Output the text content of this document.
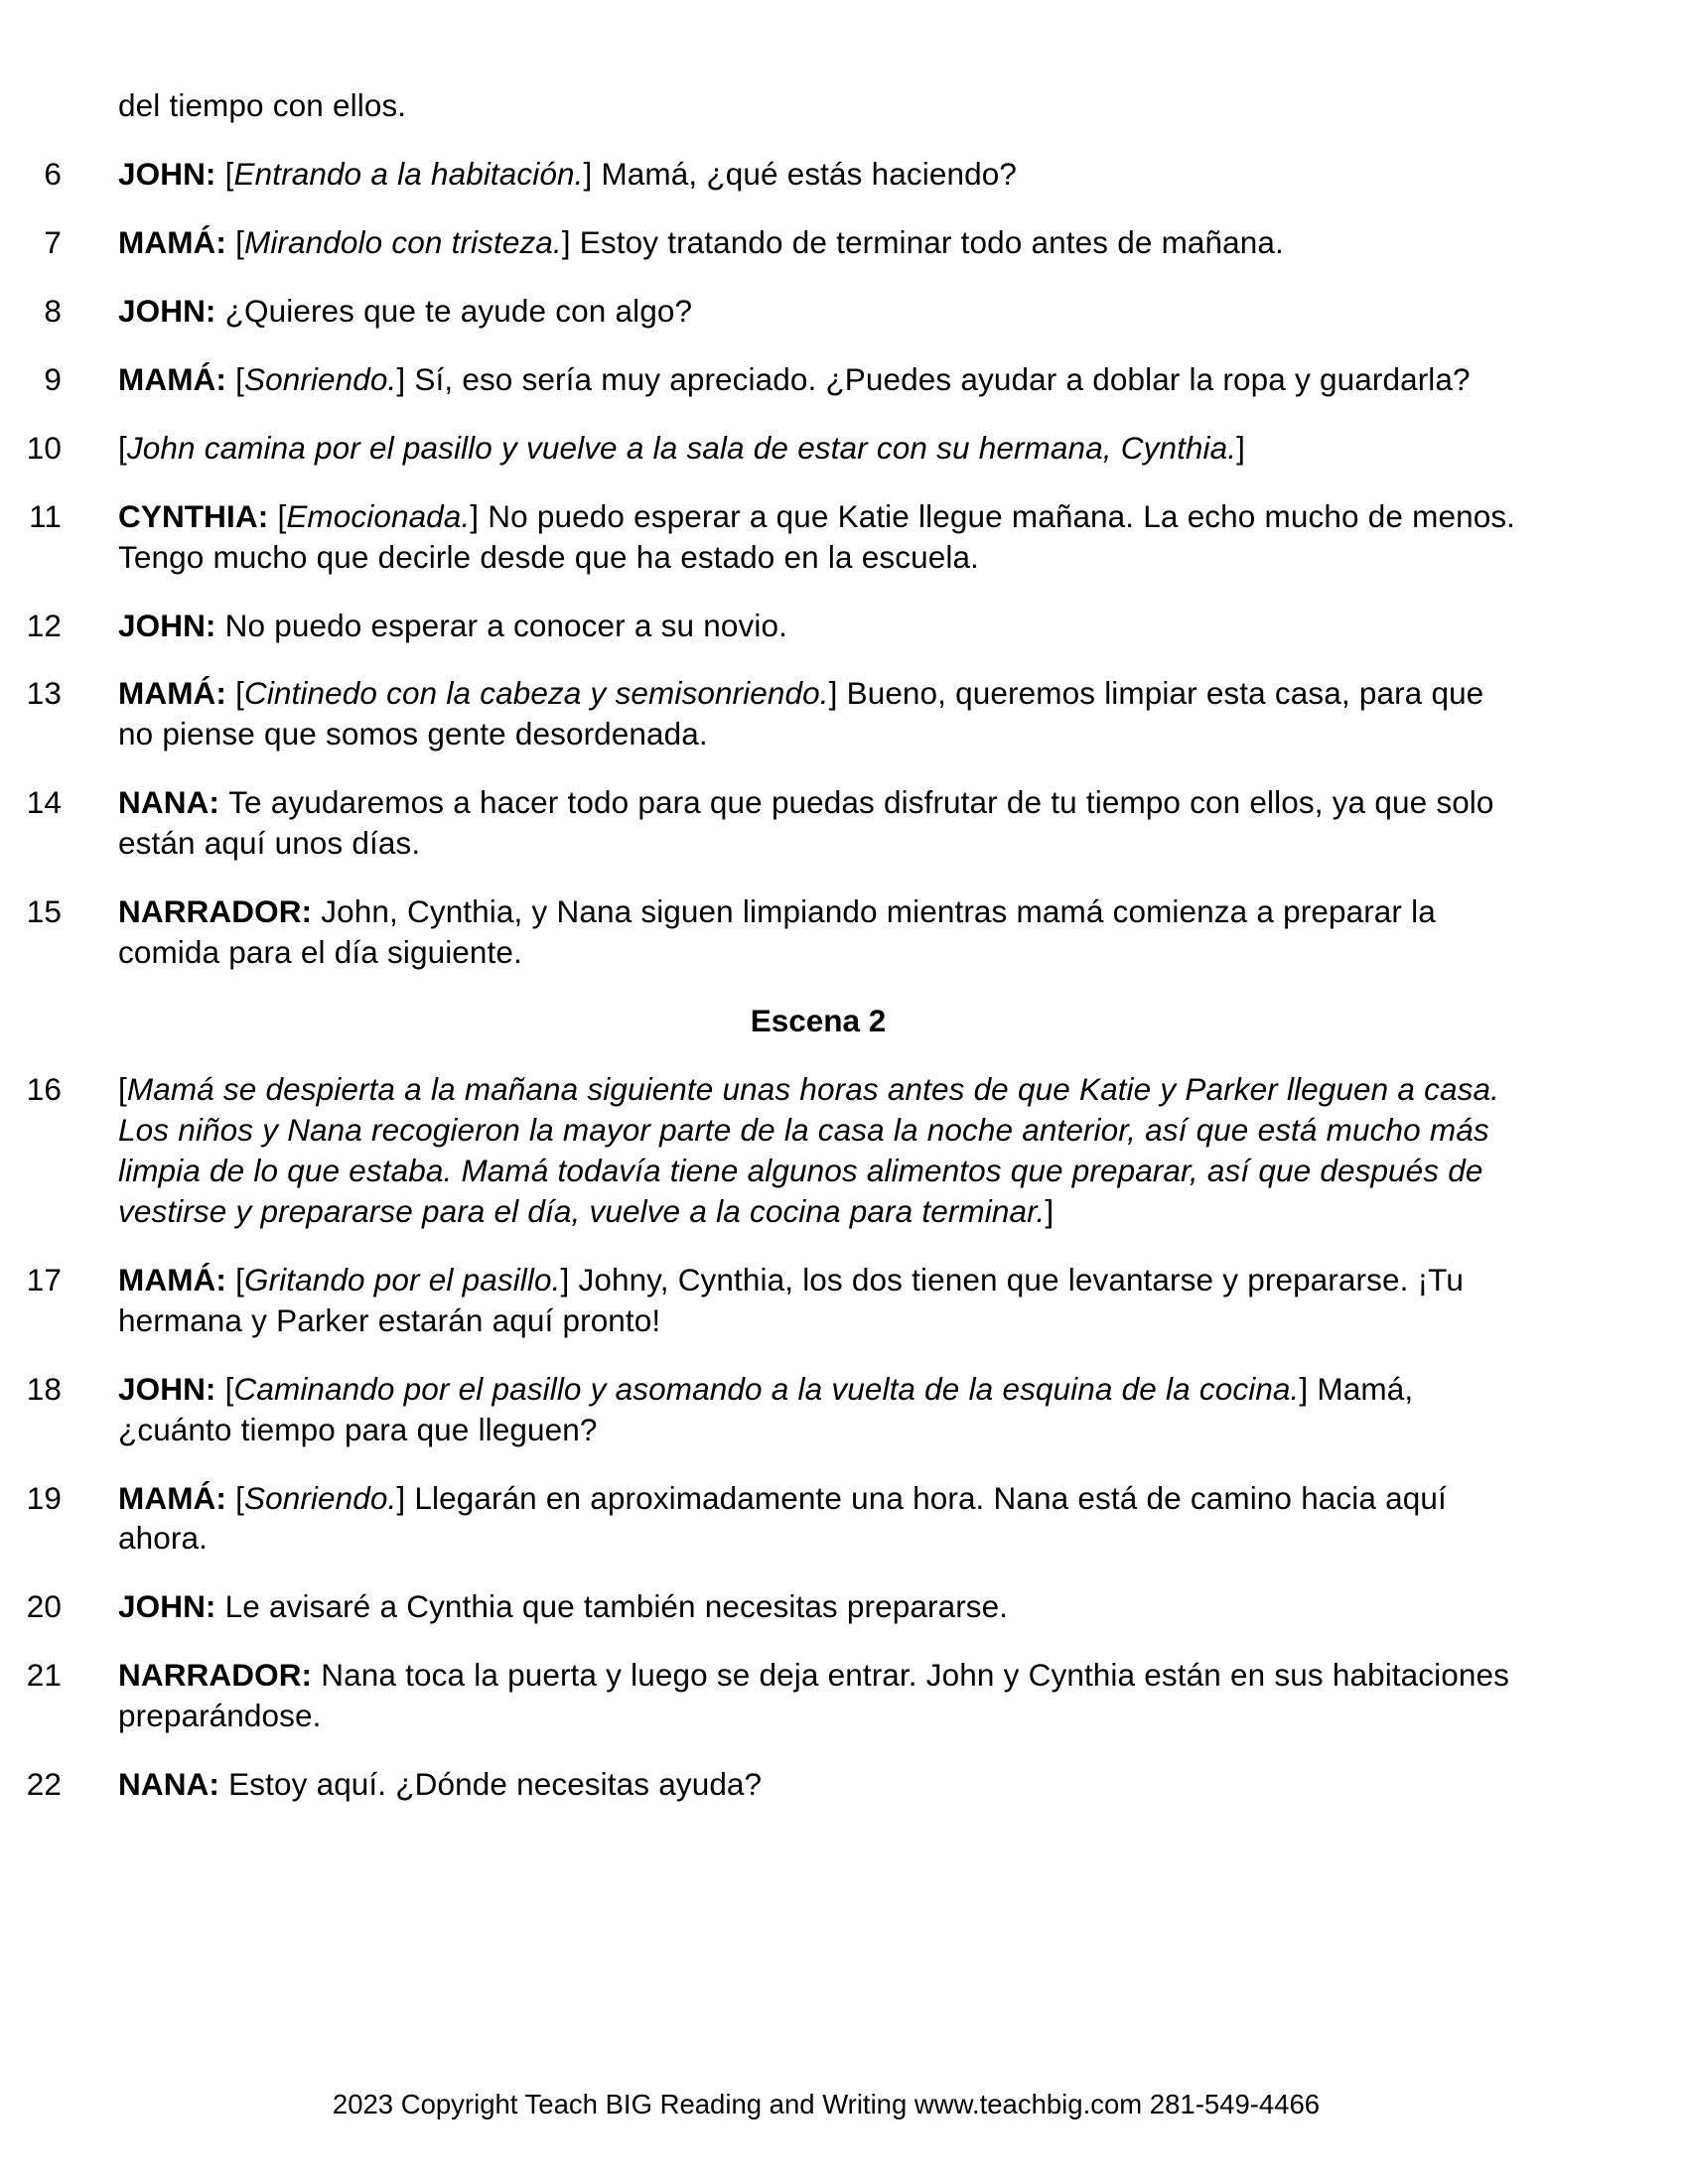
del tiempo con ellos.
6 JOHN: [Entrando a la habitación.] Mamá, ¿qué estás haciendo?
7 MAMÁ: [Mirandolo con tristeza.] Estoy tratando de terminar todo antes de mañana.
8 JOHN: ¿Quieres que te ayude con algo?
9 MAMÁ: [Sonriendo.] Sí, eso sería muy apreciado. ¿Puedes ayudar a doblar la ropa y guardarla?
10 [John camina por el pasillo y vuelve a la sala de estar con su hermana, Cynthia.]
11 CYNTHIA: [Emocionada.] No puedo esperar a que Katie llegue mañana. La echo mucho de menos. Tengo mucho que decirle desde que ha estado en la escuela.
12 JOHN: No puedo esperar a conocer a su novio.
13 MAMÁ: [Cintinedo con la cabeza y semisonriendo.] Bueno, queremos limpiar esta casa, para que no piense que somos gente desordenada.
14 NANA: Te ayudaremos a hacer todo para que puedas disfrutar de tu tiempo con ellos, ya que solo están aquí unos días.
15 NARRADOR: John, Cynthia, y Nana siguen limpiando mientras mamá comienza a preparar la comida para el día siguiente.
Escena 2
16 [Mamá se despierta a la mañana siguiente unas horas antes de que Katie y Parker lleguen a casa. Los niños y Nana recogieron la mayor parte de la casa la noche anterior, así que está mucho más limpia de lo que estaba. Mamá todavía tiene algunos alimentos que preparar, así que después de vestirse y prepararse para el día, vuelve a la cocina para terminar.]
17 MAMÁ: [Gritando por el pasillo.] Johny, Cynthia, los dos tienen que levantarse y prepararse. ¡Tu hermana y Parker estarán aquí pronto!
18 JOHN: [Caminando por el pasillo y asomando a la vuelta de la esquina de la cocina.] Mamá, ¿cuánto tiempo para que lleguen?
19 MAMÁ: [Sonriendo.] Llegarán en aproximadamente una hora. Nana está de camino hacia aquí ahora.
20 JOHN: Le avisaré a Cynthia que también necesitas prepararse.
21 NARRADOR: Nana toca la puerta y luego se deja entrar. John y Cynthia están en sus habitaciones preparándose.
22 NANA: Estoy aquí. ¿Dónde necesitas ayuda?
2023 Copyright Teach BIG Reading and Writing www.teachbig.com 281-549-4466
